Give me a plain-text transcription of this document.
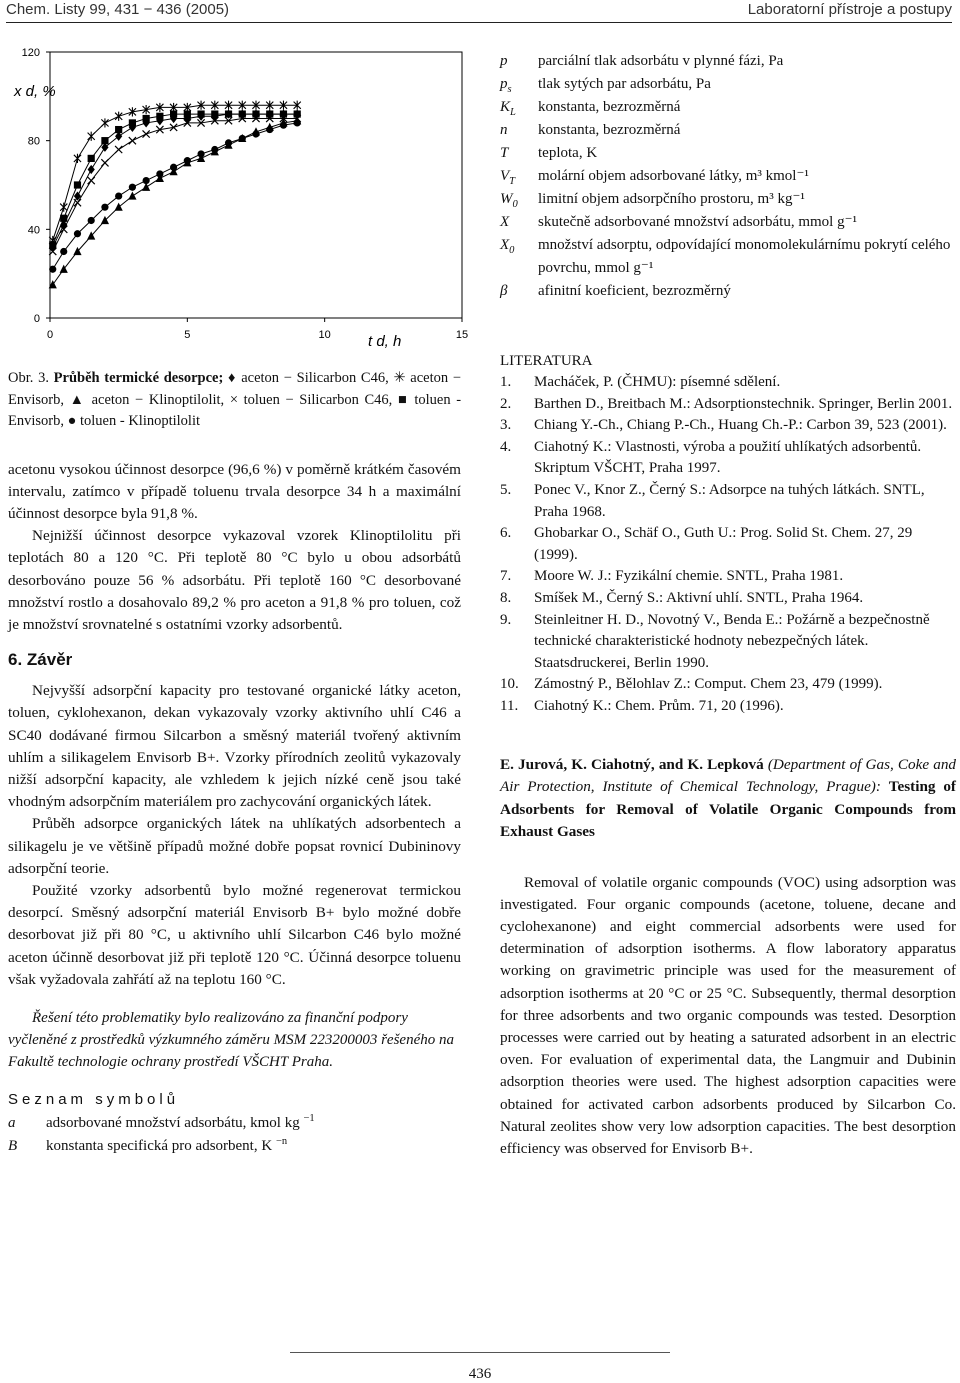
Chem. Listy 99, 431 − 436 (2005)	Laboratorní přístroje a postupy
0
40
80
120
0	5	10	15
x d, %
t d, h
Obr. 3. Průběh termické desorpce; ♦ aceton − Silicarbon C46, ✳ aceton − Envisorb, ▲ aceton − Klinoptilolit, × toluen − Silicarbon C46, ■ toluen - Envisorb, ● toluen - Klinoptilolit

acetonu vysokou účinnost desorpce (96,6 %) v poměrně krátkém časovém intervalu, zatímco v případě toluenu trvala desorpce 34 h a maximální účinnost desorpce byla 91,8 %.

Nejnižší účinnost desorpce vykazoval vzorek Klinoptilolitu při teplotách 80 a 120 °C. Při teplotě 80 °C bylo u obou adsorbátů desorbováno pouze 56 % adsorbátu. Při teplotě 160 °C desorbované množství rostlo a dosahovalo 89,2 % pro aceton a 91,8 % pro toluen, což je množství srovnatelné s ostatními vzorky adsorbentů.

6. Závěr

Nejvyšší adsorpční kapacity pro testované organické látky aceton, toluen, cyklohexanon, dekan vykazovaly vzorky aktivního uhlí C46 a SC40 dodávané firmou Silcarbon a směsný materiál tvořený aktivním uhlím a silikagelem Envisorb B+. Vzorky přírodních zeolitů vykazovaly nižší adsorpční kapacity, ale vzhledem k jejich nízké ceně jsou také vhodným adsorpčním materiálem pro zachycování organických látek.

Průběh adsorpce organických látek na uhlíkatých adsorbentech a silikagelu je ve většině případů možné dobře popsat rovnicí Dubininovy adsorpční teorie.

Použité vzorky adsorbentů bylo možné regenerovat termickou desorpcí. Směsný adsorpční materiál Envisorb B+ bylo možné dobře desorbovat již při 80 °C, u aktivního uhlí Silcarbon C46 bylo možné aceton účinně desorbovat již při teplotě 120 °C. Účinná desorpce toluenu však vyžadovala zahřátí až na teplotu 160 °C.

Řešení této problematiky bylo realizováno za finanční podpory vyčleněné z prostředků výzkumného záměru MSM 223200003 řešeného na Fakultě technologie ochrany prostředí VŠCHT Praha.

Seznam symbolů
a	adsorbované množství adsorbátu, kmol kg $^{-1}$
B	konstanta specifická pro adsorbent, K $^{-n}$
p	parciální tlak adsorbátu v plynné fázi, Pa
$p_s$	tlak sytých par adsorbátu, Pa
$K_L$	konstanta, bezrozměrná
n	konstanta, bezrozměrná
T	teplota, K
$V_T$	molární objem adsorbované látky, m³ kmol⁻¹
$W_0$	limitní objem adsorpčního prostoru, m³ kg⁻¹
X	skutečně adsorbované množství adsorbátu, mmol g⁻¹
$X_0$	množství adsorptu, odpovídající monomolekulárnímu pokrytí celého povrchu, mmol g⁻¹
β	afinitní koeficient, bezrozměrný
LITERATURA
1.	Macháček, P. (ČHMU): písemné sdělení.
2.	Barthen D., Breitbach M.: Adsorptionstechnik. Springer, Berlin 2001.
3.	Chiang Y.-Ch., Chiang P.-Ch., Huang Ch.-P.: Carbon 39, 523 (2001).
4.	Ciahotný K.: Vlastnosti, výroba a použití uhlíkatých adsorbentů. Skriptum VŠCHT, Praha 1997.
5.	Ponec V., Knor Z., Černý S.: Adsorpce na tuhých látkách. SNTL, Praha 1968.
6.	Ghobarkar O., Schäf O., Guth U.: Prog. Solid St. Chem. 27, 29 (1999).
7.	Moore W. J.: Fyzikální chemie. SNTL, Praha 1981.
8.	Smíšek M., Černý S.: Aktivní uhlí. SNTL, Praha 1964.
9.	Steinleitner H. D., Novotný V., Benda E.: Požárně a bezpečnostně technické charakteristické hodnoty nebezpečných látek. Staatsdruckerei, Berlin 1990.
10.	Zámostný P., Bělohlav Z.: Comput. Chem 23, 479 (1999).
11.	Ciahotný K.: Chem. Prům. 71, 20 (1996).
E. Jurová, K. Ciahotný, and K. Lepková (Department of Gas, Coke and Air Protection, Institute of Chemical Technology, Prague): Testing of Adsorbents for Removal of Volatile Organic Compounds from Exhaust Gases

Removal of volatile organic compounds (VOC) using adsorption was investigated. Four organic compounds (acetone, toluene, decane and cyclohexanone) and eight commercial adsorbents were used for determination of adsorption isotherms. A flow laboratory apparatus working on gravimetric principle was used for the measurement of adsorption isotherms at 20 °C or 25 °C. Subsequently, thermal desorption for three adsorbents and two organic compounds was tested. Desorption processes were carried out by heating a saturated adsorbent in an electric oven. For evaluation of experimental data, the Langmuir and Dubinin adsorption theories were used. The highest adsorption capacities were obtained for activated carbon adsorbents produced by Silcarbon Co. Natural zeolites show very low adsorption capacities. The best desorption efficiency was observed for Envisorb B+.

436
